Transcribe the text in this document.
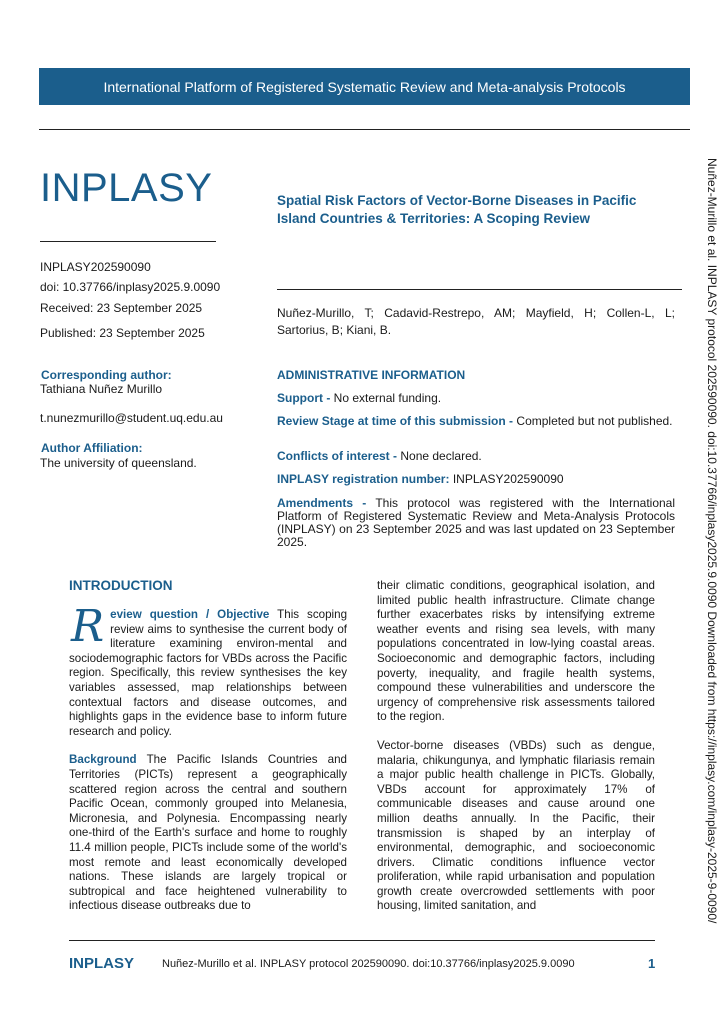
International Platform of Registered Systematic Review and Meta-analysis Protocols
INPLASY
INPLASY202590090
doi: 10.37766/inplasy2025.9.0090
Received: 23 September 2025
Published: 23 September 2025
Spatial Risk Factors of Vector-Borne Diseases in Pacific Island Countries & Territories: A Scoping Review
Nuñez-Murillo, T; Cadavid-Restrepo, AM; Mayfield, H; Collen-L, L; Sartorius, B; Kiani, B.
Corresponding author:
Tathiana Nuñez Murillo
t.nunezmurillo@student.uq.edu.au
Author Affiliation:
The university of queensland.
ADMINISTRATIVE INFORMATION
Support - No external funding.
Review Stage at time of this submission - Completed but not published.
Conflicts of interest - None declared.
INPLASY registration number: INPLASY202590090
Amendments - This protocol was registered with the International Platform of Registered Systematic Review and Meta-Analysis Protocols (INPLASY) on 23 September 2025 and was last updated on 23 September 2025.
INTRODUCTION

Review question / Objective This scoping review aims to synthesise the current body of literature examining environ-mental and sociodemographic factors for VBDs across the Pacific region. Specifically, this review synthesises the key variables assessed, map relationships between contextual factors and disease outcomes, and highlights gaps in the evidence base to inform future research and policy.

Background The Pacific Islands Countries and Territories (PICTs) represent a geographically scattered region across the central and southern Pacific Ocean, commonly grouped into Melanesia, Micronesia, and Polynesia. Encompassing nearly one-third of the Earth's surface and home to roughly 11.4 million people, PICTs include some of the world's most remote and least economically developed nations. These islands are largely tropical or subtropical and face heightened vulnerability to infectious disease outbreaks due to

their climatic conditions, geographical isolation, and limited public health infrastructure. Climate change further exacerbates risks by intensifying extreme weather events and rising sea levels, with many populations concentrated in low-lying coastal areas. Socioeconomic and demographic factors, including poverty, inequality, and fragile health systems, compound these vulnerabilities and underscore the urgency of comprehensive risk assessments tailored to the region.

Vector-borne diseases (VBDs) such as dengue, malaria, chikungunya, and lymphatic filariasis remain a major public health challenge in PICTs. Globally, VBDs account for approximately 17% of communicable diseases and cause around one million deaths annually. In the Pacific, their transmission is shaped by an interplay of environmental, demographic, and socioeconomic drivers. Climatic conditions influence vector proliferation, while rapid urbanisation and population growth create overcrowded settlements with poor housing, limited sanitation, and	Nuñez-Murillo et al. INPLASY protocol 202590090. doi:10.37766/inplasy2025.9.0090 Downloaded from https://inplasy.com/inplasy-2025-9-0090/
INPLASY	Nuñez-Murillo et al. INPLASY protocol 202590090. doi:10.37766/inplasy2025.9.0090	1
